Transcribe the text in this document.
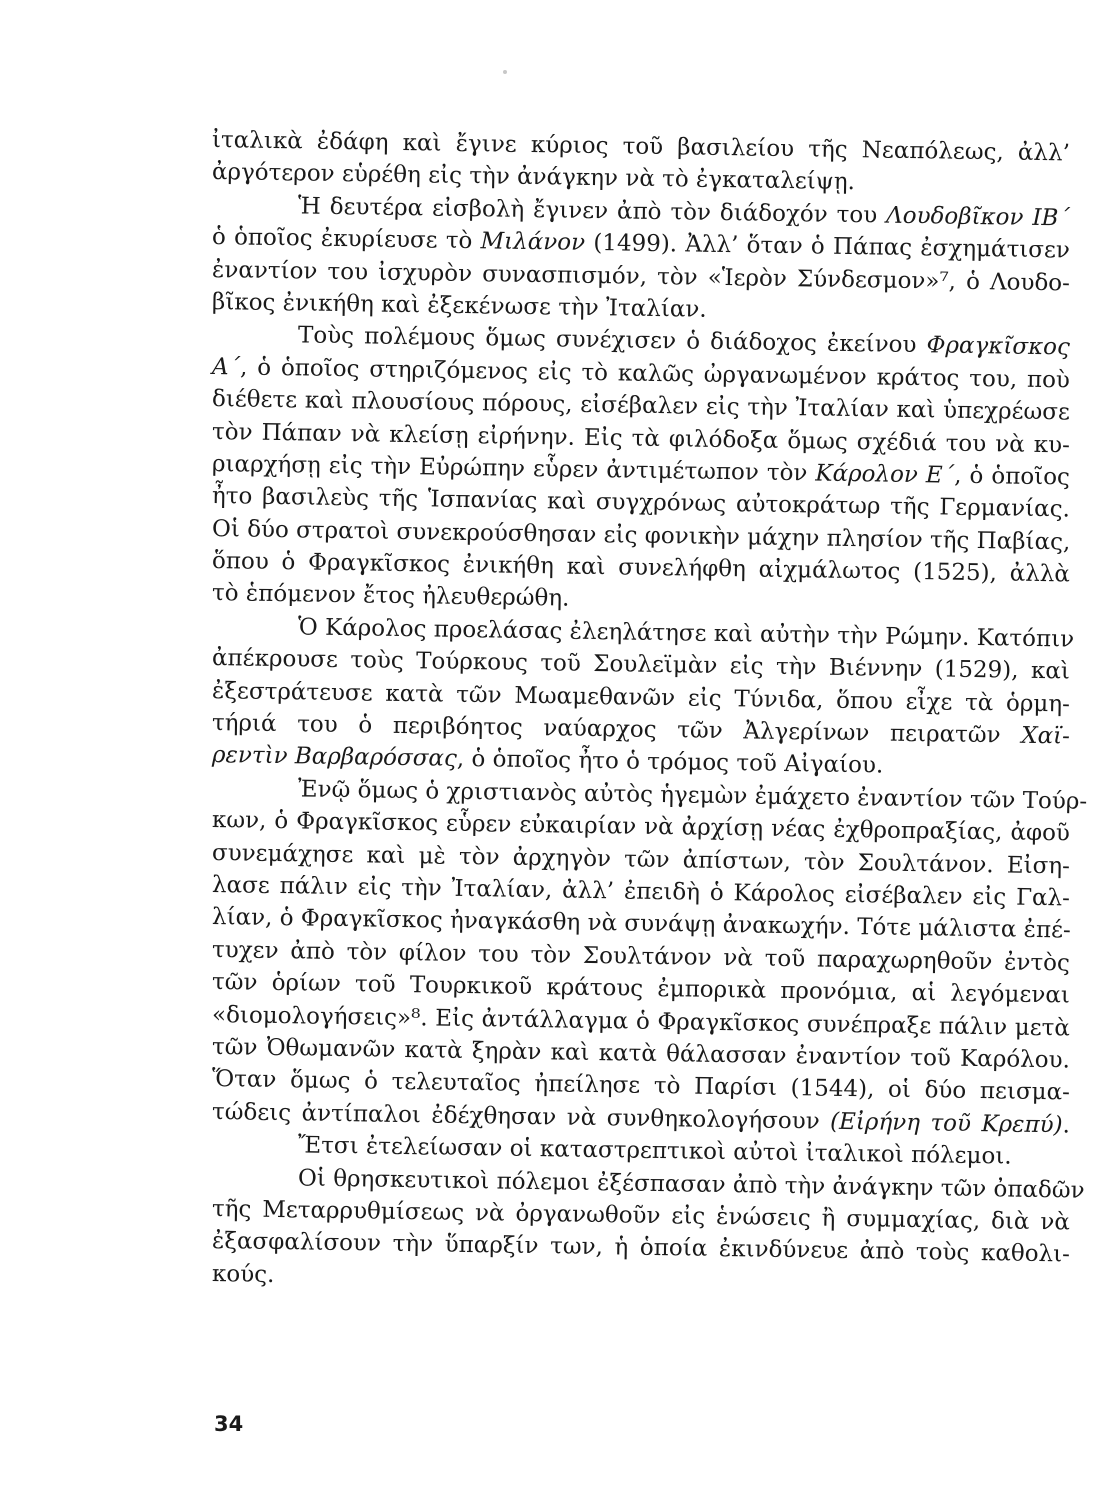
ἰταλικὰ ἐδάφη καὶ ἔγινε κύριος τοῦ βασιλείου τῆς Νεαπόλεως, ἀλλ’
ἀργότερον εὑρέθη εἰς τὴν ἀνάγκην νὰ τὸ ἐγκαταλείψῃ.
Ἡ δευτέρα εἰσβολὴ ἔγινεν ἀπὸ τὸν διάδοχόν του Λουδοβῖκον ΙΒ΄
ὁ ὁποῖος ἐκυρίευσε τὸ Μιλάνον (1499). Ἀλλ’ ὅταν ὁ Πάπας ἐσχημάτισεν
ἐναντίον του ἰσχυρὸν συνασπισμόν, τὸν «Ἱερὸν Σύνδεσμον»⁷, ὁ Λουδο-
βῖκος ἐνικήθη καὶ ἐξεκένωσε τὴν Ἰταλίαν.
Τοὺς πολέμους ὅμως συνέχισεν ὁ διάδοχος ἐκείνου Φραγκῖσκος
Α΄, ὁ ὁποῖος στηριζόμενος εἰς τὸ καλῶς ὠργανωμένον κράτος του, ποὺ
διέθετε καὶ πλουσίους πόρους, εἰσέβαλεν εἰς τὴν Ἰταλίαν καὶ ὑπεχρέωσε
τὸν Πάπαν νὰ κλείσῃ εἰρήνην. Εἰς τὰ φιλόδοξα ὅμως σχέδιά του νὰ κυ-
ριαρχήσῃ εἰς τὴν Εὐρώπην εὗρεν ἀντιμέτωπον τὸν Κάρολον Ε΄, ὁ ὁποῖος
ἦτο βασιλεὺς τῆς Ἱσπανίας καὶ συγχρόνως αὐτοκράτωρ τῆς Γερμανίας.
Οἱ δύο στρατοὶ συνεκρούσθησαν εἰς φονικὴν μάχην πλησίον τῆς Παβίας,
ὅπου ὁ Φραγκῖσκος ἐνικήθη καὶ συνελήφθη αἰχμάλωτος (1525), ἀλλὰ
τὸ ἑπόμενον ἔτος ἠλευθερώθη.
Ὁ Κάρολος προελάσας ἐλεηλάτησε καὶ αὐτὴν τὴν Ρώμην. Κατόπιν
ἀπέκρουσε τοὺς Τούρκους τοῦ Σουλεϊμὰν εἰς τὴν Βιέννην (1529), καὶ
ἐξεστράτευσε κατὰ τῶν Μωαμεθανῶν εἰς Τύνιδα, ὅπου εἶχε τὰ ὁρμη-
τήριά του ὁ περιβόητος ναύαρχος τῶν Ἀλγερίνων πειρατῶν Χαϊ-
ρεντὶν Βαρβαρόσσας, ὁ ὁποῖος ἦτο ὁ τρόμος τοῦ Αἰγαίου.
Ἐνῷ ὅμως ὁ χριστιανὸς αὐτὸς ἡγεμὼν ἐμάχετο ἐναντίον τῶν Τούρ-
κων, ὁ Φραγκῖσκος εὗρεν εὐκαιρίαν νὰ ἀρχίσῃ νέας ἐχθροπραξίας, ἀφοῦ
συνεμάχησε καὶ μὲ τὸν ἀρχηγὸν τῶν ἀπίστων, τὸν Σουλτάνον. Εἰση-
λασε πάλιν εἰς τὴν Ἰταλίαν, ἀλλ’ ἐπειδὴ ὁ Κάρολος εἰσέβαλεν εἰς Γαλ-
λίαν, ὁ Φραγκῖσκος ἠναγκάσθη νὰ συνάψῃ ἀνακωχήν. Τότε μάλιστα ἐπέ-
τυχεν ἀπὸ τὸν φίλον του τὸν Σουλτάνον νὰ τοῦ παραχωρηθοῦν ἐντὸς
τῶν ὁρίων τοῦ Τουρκικοῦ κράτους ἐμπορικὰ προνόμια, αἱ λεγόμεναι
«διομολογήσεις»⁸. Εἰς ἀντάλλαγμα ὁ Φραγκῖσκος συνέπραξε πάλιν μετὰ
τῶν Ὀθωμανῶν κατὰ ξηρὰν καὶ κατὰ θάλασσαν ἐναντίον τοῦ Καρόλου.
Ὅταν ὅμως ὁ τελευταῖος ἠπείλησε τὸ Παρίσι (1544), οἱ δύο πεισμα-
τώδεις ἀντίπαλοι ἐδέχθησαν νὰ συνθηκολογήσουν (Εἰρήνη τοῦ Κρεπύ).
Ἔτσι ἐτελείωσαν οἱ καταστρεπτικοὶ αὐτοὶ ἰταλικοὶ πόλεμοι.
Οἱ θρησκευτικοὶ πόλεμοι ἐξέσπασαν ἀπὸ τὴν ἀνάγκην τῶν ὀπαδῶν
τῆς Μεταρρυθμίσεως νὰ ὀργανωθοῦν εἰς ἑνώσεις ἢ συμμαχίας, διὰ νὰ
ἐξασφαλίσουν τὴν ὕπαρξίν των, ἡ ὁποία ἐκινδύνευε ἀπὸ τοὺς καθολι-
κούς.
34
